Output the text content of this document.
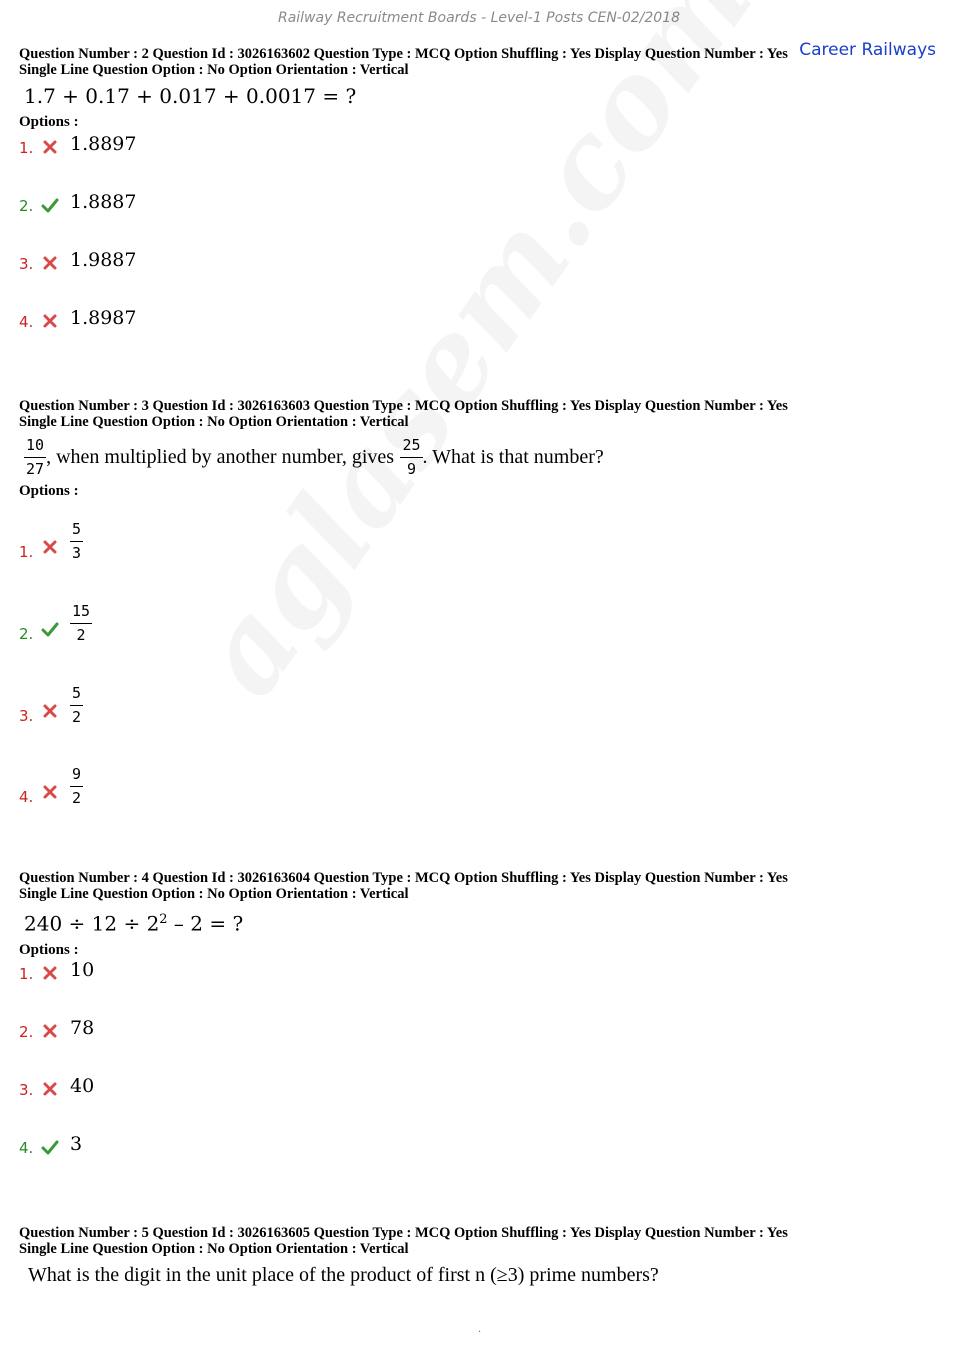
Railway Recruitment Boards - Level-1 Posts CEN-02/2018
Career Railways

Question Number : 2 Question Id : 3026163602 Question Type : MCQ Option Shuffling : Yes Display Question Number : Yes

Single Line Question Option : No Option Orientation : Vertical

1.7 + 0.17 + 0.017 + 0.0017 = ?
Options :
1. 1.8897
2. 1.8887
3. 1.9887
4. 1.8987

Question Number : 3 Question Id : 3026163603 Question Type : MCQ Option Shuffling : Yes Display Question Number : Yes

Single Line Question Option : No Option Orientation : Vertical

$\frac{10}{27}$ , when multiplied by another number, gives $\frac{25}{9}$ . What is that number?
Options :
1. $\frac{5}{3}$
2. $\frac{15}{2}$
3. $\frac{5}{2}$
4. $\frac{9}{2}$

Question Number : 4 Question Id : 3026163604 Question Type : MCQ Option Shuffling : Yes Display Question Number : Yes

Single Line Question Option : No Option Orientation : Vertical

$240 \div 12 \div 2^2 - 2$ = ?
Options :
1. 10
2. 78
3. 40
4. 3

Question Number : 5 Question Id : 3026163605 Question Type : MCQ Option Shuffling : Yes Display Question Number : Yes

Single Line Question Option : No Option Orientation : Vertical

What is the digit in the unit place of the product of first n (≥3) prime numbers?
.
